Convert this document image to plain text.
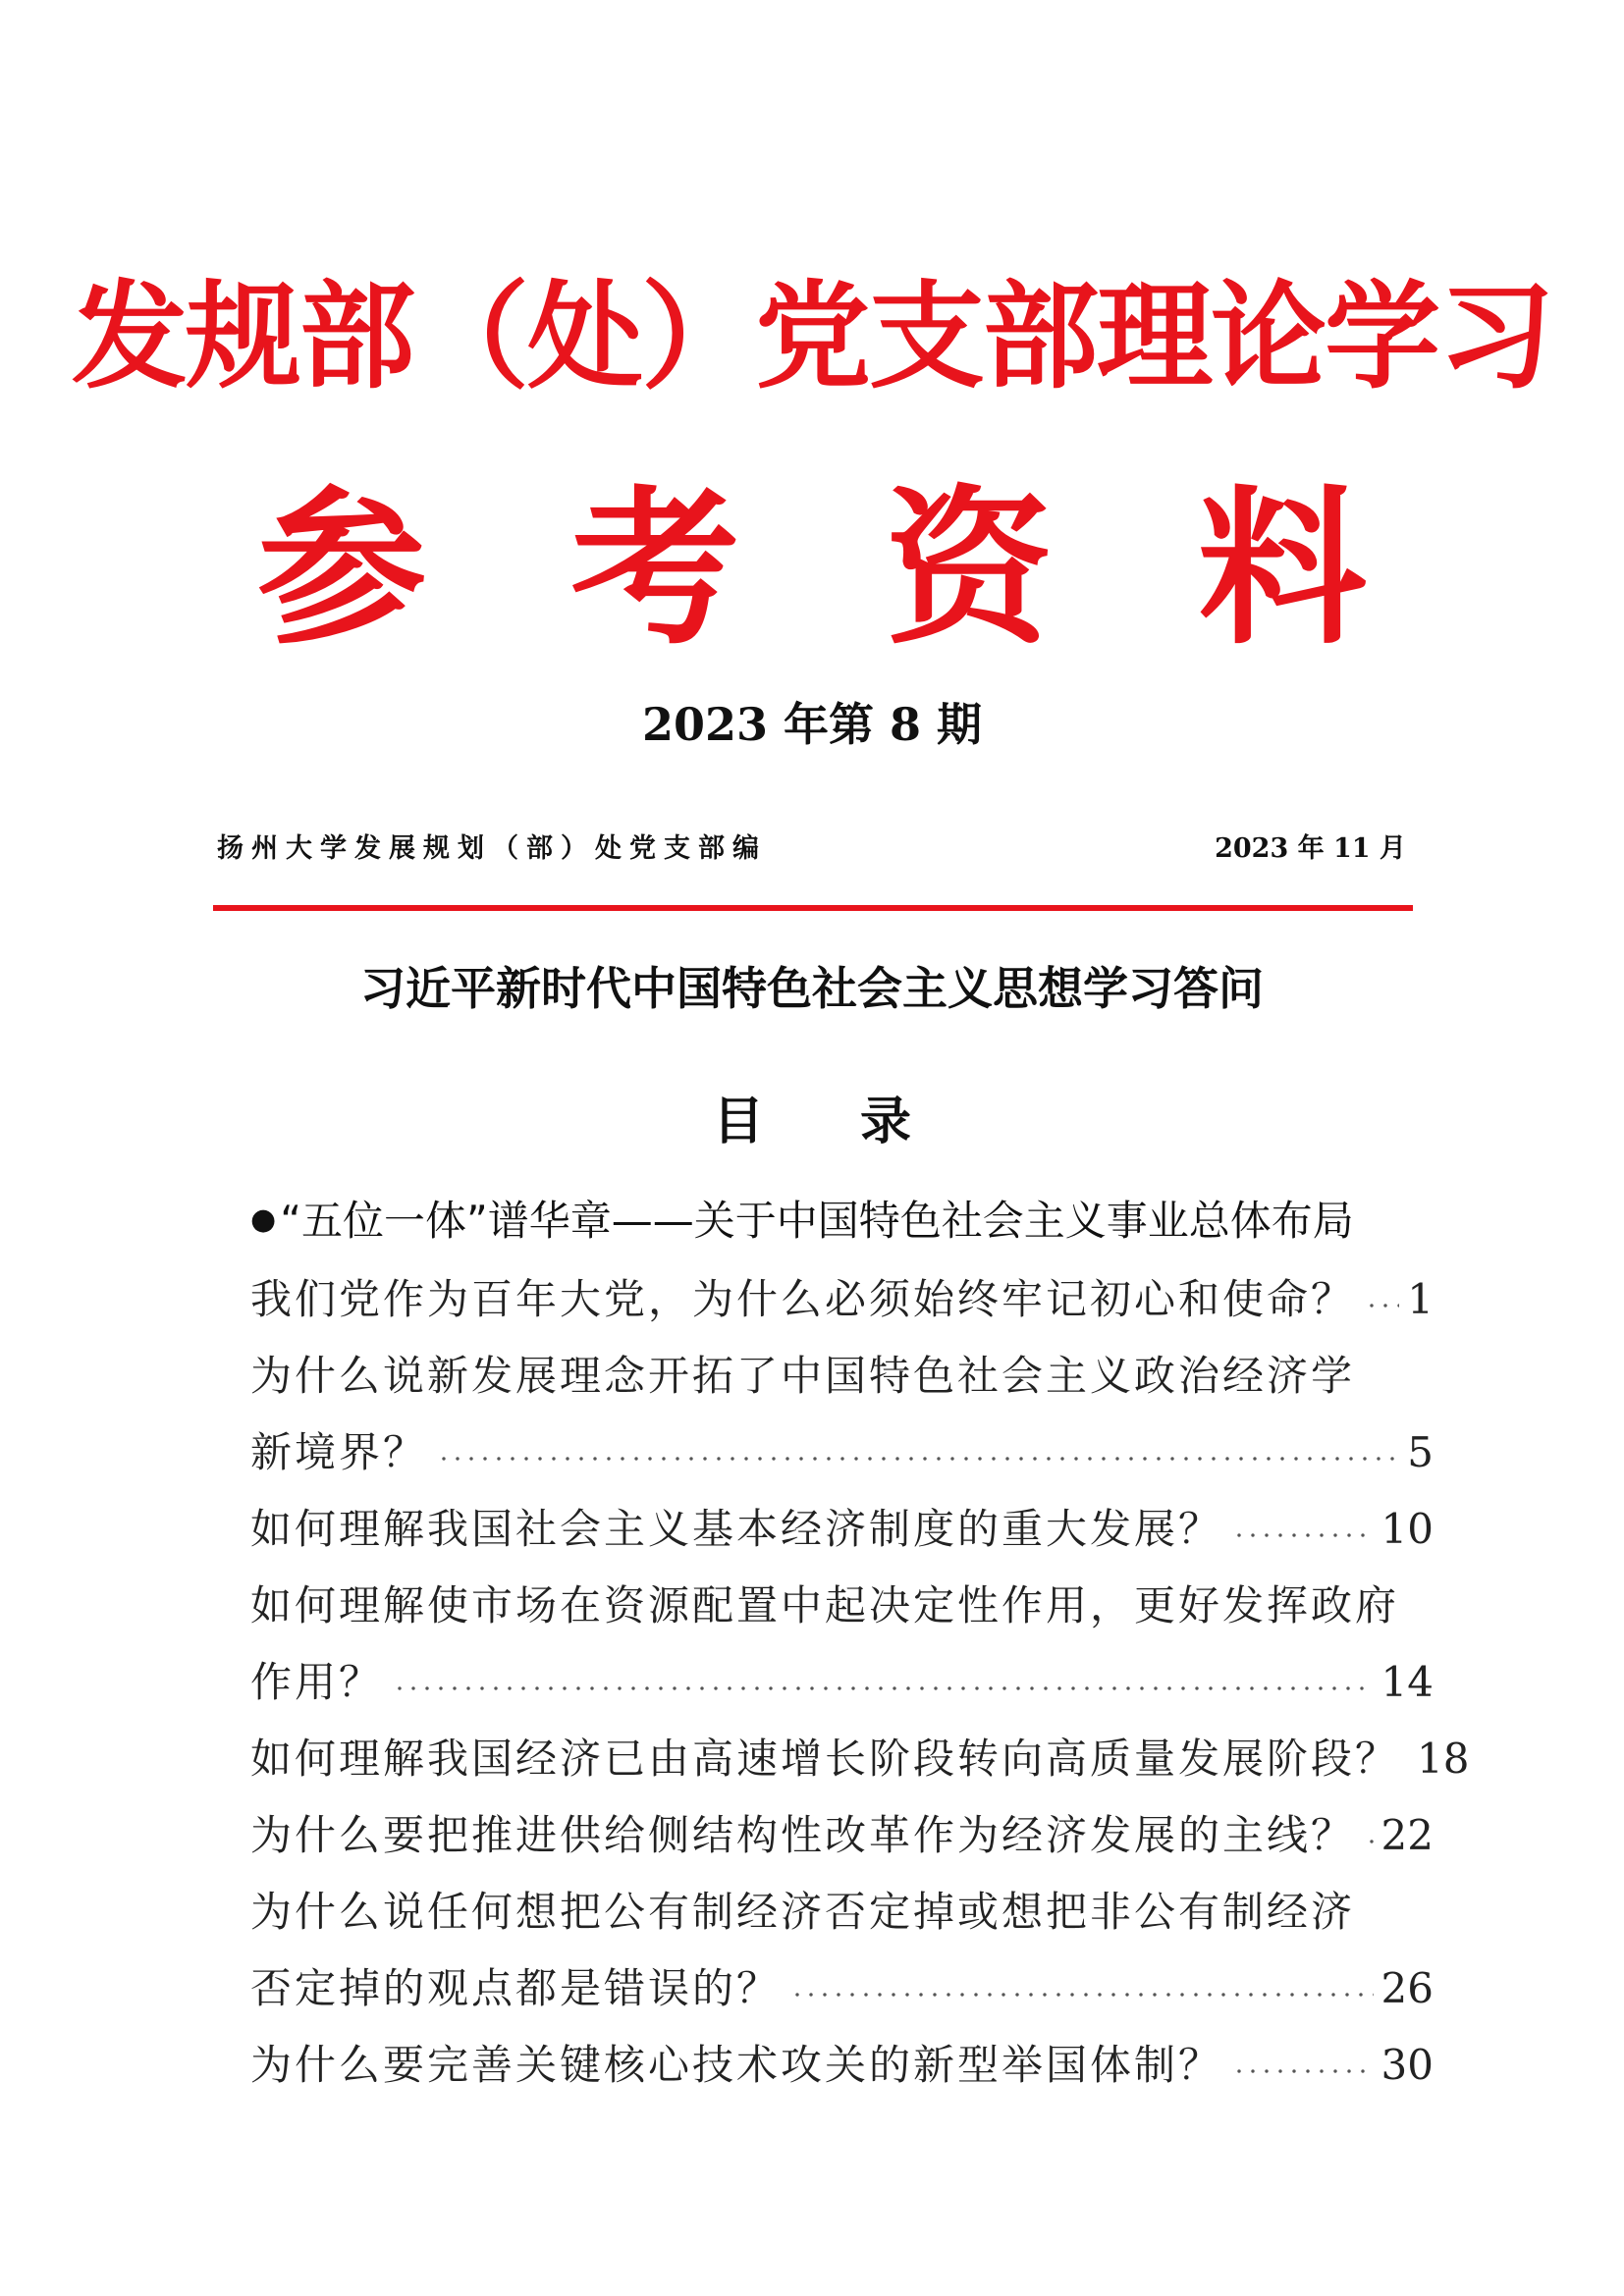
发规部（处）党支部理论学习
参 考 资 料
2023 年第 8 期
扬州大学发展规划（部）处党支部编	2023 年 11 月
习近平新时代中国特色社会主义思想学习答问
目 录
●“五位一体”谱华章——关于中国特色社会主义事业总体布局
我们党作为百年大党，为什么必须始终牢记初心和使命？ 1
为什么说新发展理念开拓了中国特色社会主义政治经济学
新境界？	5
如何理解我国社会主义基本经济制度的重大发展？	10
如何理解使市场在资源配置中起决定性作用，更好发挥政府
作用？	14
如何理解我国经济已由高速增长阶段转向高质量发展阶段？ 18
为什么要把推进供给侧结构性改革作为经济发展的主线？ 22
为什么说任何想把公有制经济否定掉或想把非公有制经济
否定掉的观点都是错误的？	26
为什么要完善关键核心技术攻关的新型举国体制？	30
